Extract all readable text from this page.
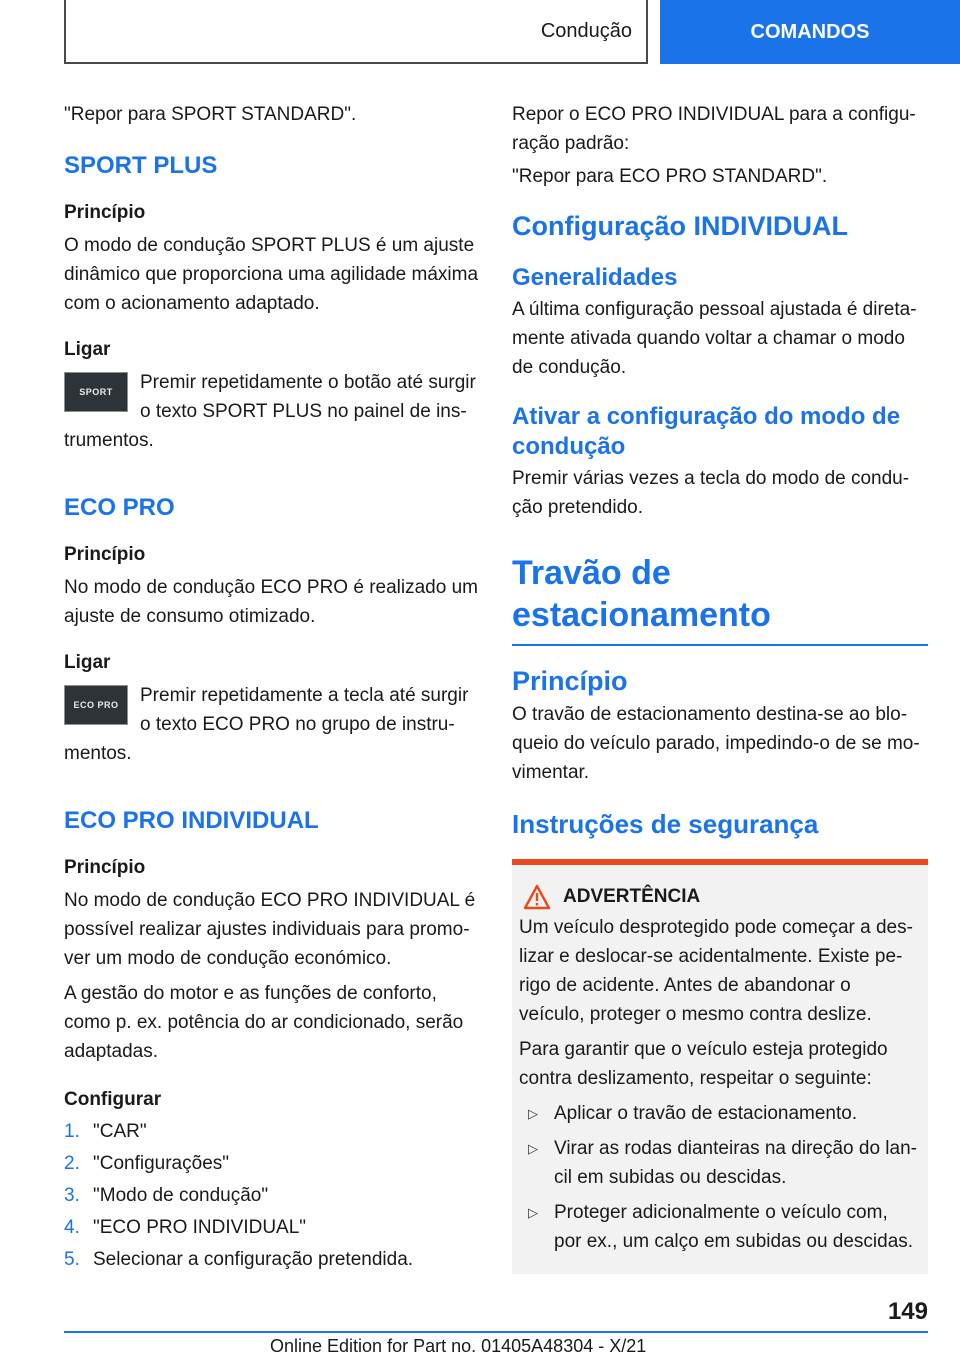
Condução	COMANDOS

"Repor para SPORT STANDARD".

SPORT PLUS
Princípio

O modo de condução SPORT PLUS é um ajuste dinâmico que proporciona uma agilidade máxima com o acionamento adaptado.

Ligar
SPORT	Premir repetidamente o botão até surgir o texto SPORT PLUS no painel de instrumentos.

ECO PRO
Princípio

No modo de condução ECO PRO é realizado um ajuste de consumo otimizado.

Ligar
ECO PRO	Premir repetidamente a tecla até surgir o texto ECO PRO no grupo de instrumentos.

ECO PRO INDIVIDUAL
Princípio

No modo de condução ECO PRO INDIVIDUAL é possível realizar ajustes individuais para promover um modo de condução económico.

A gestão do motor e as funções de conforto, como p. ex. potência do ar condicionado, serão adaptadas.

Configurar
1. "CAR"
2. "Configurações"
3. "Modo de condução"
4. "ECO PRO INDIVIDUAL"
5. Selecionar a configuração pretendida.

Repor o ECO PRO INDIVIDUAL para a configuração padrão:

"Repor para ECO PRO STANDARD".

Configuração INDIVIDUAL
Generalidades

A última configuração pessoal ajustada é diretamente ativada quando voltar a chamar o modo de condução.

Ativar a configuração do modo de condução

Premir várias vezes a tecla do modo de condução pretendido.

Travão de estacionamento
Princípio

O travão de estacionamento destina-se ao bloqueio do veículo parado, impedindo-o de se movimentar.

Instruções de segurança
ADVERTÊNCIA

Um veículo desprotegido pode começar a deslizar e deslocar-se acidentalmente. Existe perigo de acidente. Antes de abandonar o veículo, proteger o mesmo contra deslize.

Para garantir que o veículo esteja protegido contra deslizamento, respeitar o seguinte:

▷ Aplicar o travão de estacionamento.
▷ Virar as rodas dianteiras na direção do lancil em subidas ou descidas.
▷ Proteger adicionalmente o veículo com, por ex., um calço em subidas ou descidas.
149
Online Edition for Part no. 01405A48304 - X/21
